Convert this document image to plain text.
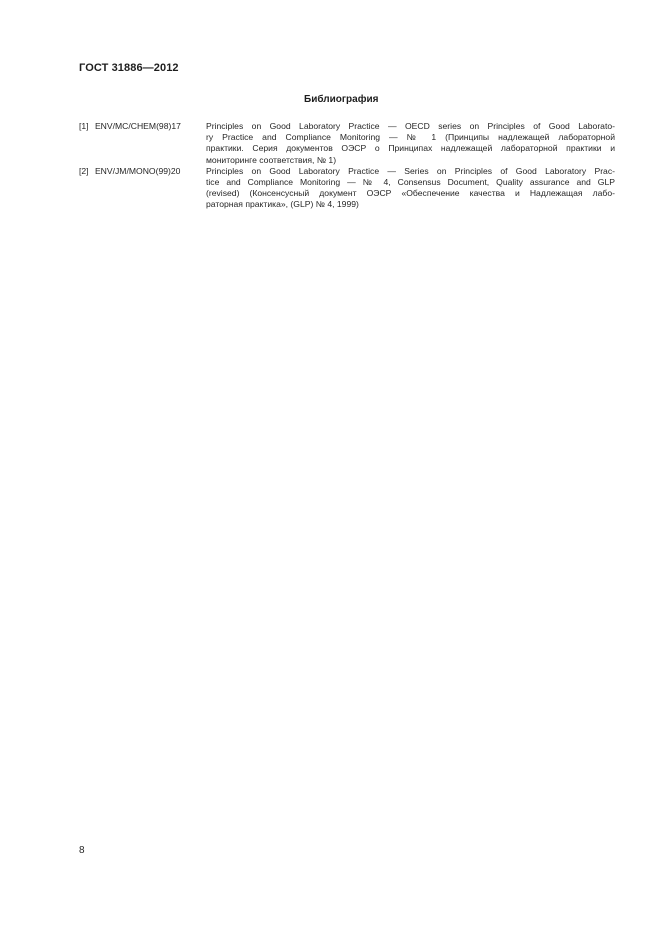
ГОСТ 31886—2012
Библиография
[1] ENV/MC/CHEM(98)17	Principles on Good Laboratory Practice — OECD series on Principles of Good Laborato-
ry Practice and Compliance Monitoring — № 1 (Принципы надлежащей лабораторной
практики. Серия документов ОЭСР о Принципах надлежащей лабораторной практики и
мониторинге соответствия, № 1)
[2] ENV/JM/MONO(99)20	Principles on Good Laboratory Practice — Series on Principles of Good Laboratory Prac-
tice and Compliance Monitoring — № 4, Consensus Document, Quality assurance and GLP
(revised) (Консенсусный документ ОЭСР «Обеспечение качества и Надлежащая лабо-
раторная практика», (GLP) № 4, 1999)
8
